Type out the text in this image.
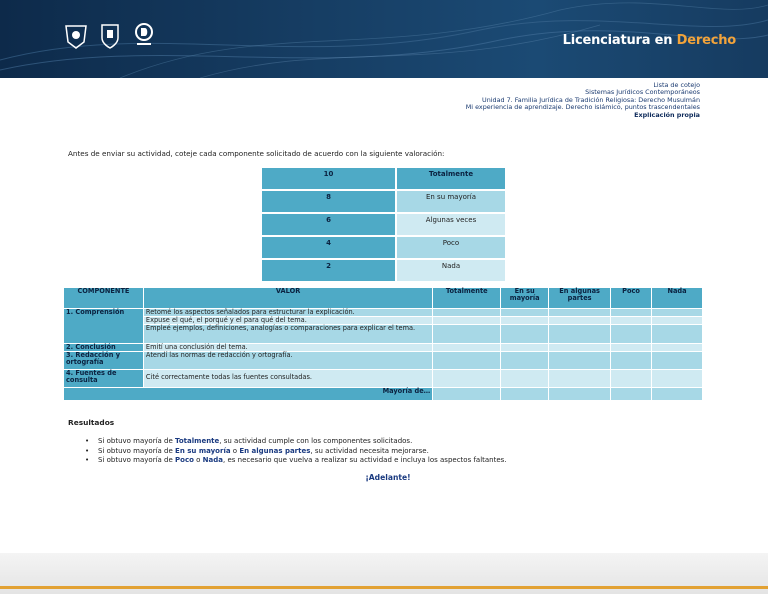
Licenciatura en Derecho
Lista de cotejo
Sistemas Jurídicos Contemporáneos
Unidad 7. Familia Jurídica de Tradición Religiosa: Derecho Musulmán
Mi experiencia de aprendizaje. Derecho islámico, puntos trascendentales
Explicación propia
Antes de enviar su actividad, coteje cada componente solicitado de acuerdo con la siguiente valoración:
10	Totalmente
8	En su mayoría
6	Algunas veces
4	Poco
2	Nada
COMPONENTE	VALOR	Totalmente	En su mayoría	En algunas partes	Poco	Nada
1. Comprensión	Retomé los aspectos señalados para estructurar la explicación.					
	Expuse el qué, el porqué y el para qué del tema.					
	Empleé ejemplos, definiciones, analogías o comparaciones para explicar el tema.					
2. Conclusión	Emití una conclusión del tema.					
3. Redacción y ortografía	Atendí las normas de redacción y ortografía.					
4. Fuentes de consulta	Cité correctamente todas las fuentes consultadas.					
Mayoría de…						
Resultados
• Si obtuvo mayoría de Totalmente, su actividad cumple con los componentes solicitados.
• Si obtuvo mayoría de En su mayoría o En algunas partes, su actividad necesita mejorarse.
• Si obtuvo mayoría de Poco o Nada, es necesario que vuelva a realizar su actividad e incluya los aspectos faltantes.
¡Adelante!
